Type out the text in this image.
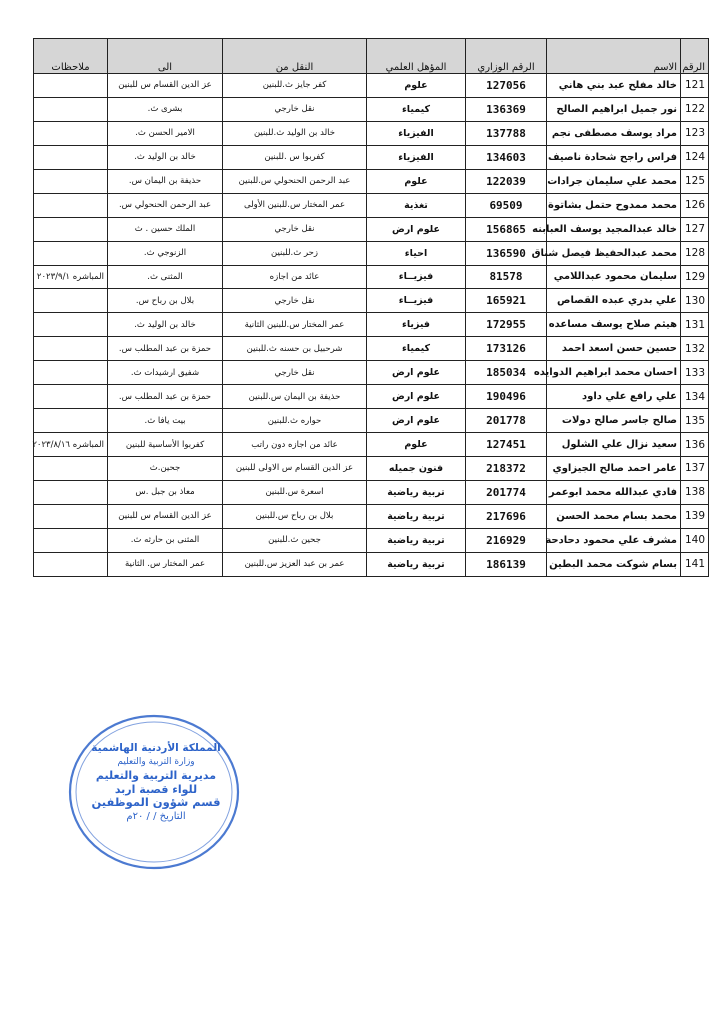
الرقم	الاسم	الرقم الوزاري	المؤهل العلمي	النقل من	الى	ملاحظات
121	خالد مفلح عبد بني هاني	127056	علوم	كفر جايز ث.للبنين	عز الدين القسام س للبنين	
122	نور جميل ابراهيم الصالح	136369	كيمياء	نقل خارجي	بشرى ث.	
123	مراد يوسف مصطفى نجم	137788	الفيزياء	خالد بن الوليد ث.للبنين	الامير الحسن ث.	
124	فراس راجح شحادة ناصيف	134603	الفيزياء	كفربوا س .للبنين	خالد بن الوليد ث.	
125	محمد علي سليمان جرادات	122039	علوم	عبد الرحمن الحنحولي س.للبنين	حذيفة بن اليمان س.	
126	محمد ممدوح حتمل بشاتوة	69509	تغذية	عمر المختار س.للبنين الأولى	عبد الرحمن الحنحولي س.	
127	خالد عبدالمجيد يوسف العبابنه	156865	علوم ارض	نقل خارجي	الملك حسين . ث	
128	محمد عبدالحفيظ فيصل شناق	136590	احياء	زحر ث.للبنين	الزنوجي ث.	
129	سليمان محمود عبداللامي	81578	فيزيــاء	عائد من اجازه	المثنى ث.	المباشره ٢٠٢٣/٩/١
130	علي بدري عبده القصاص	165921	فيزيــاء	نقل خارجي	بلال بن رباح س.	
131	هيثم صلاح يوسف مساعده	172955	فيزياء	عمر المختار س.للبنين الثانية	خالد بن الوليد ث.	
132	حسين حسن اسعد احمد	173126	كيمياء	شرحبيل بن حسنه ث.للبنين	حمزة بن عبد المطلب س.	
133	احسان محمد ابراهيم الدوايده	185034	علوم ارض	نقل خارجي	شفيق ارشيدات ث.	
134	علي رافع علي داود	190496	علوم ارض	حذيفة بن اليمان س.للبنين	حمزة بن عبد المطلب س.	
135	صالح جاسر صالح دولات	201778	علوم ارض	حواره ث.للبنين	بيت يافا ث.	
136	سعيد نزال علي الشلول	127451	علوم	عائد من اجازه دون راتب	كفربوا الأساسية للبنين	المباشره ٢٠٢٣/٨/١٦
137	عامر احمد صالح الجيزاوي	218372	فنون جميله	عز الدين القسام س الاولى للبنين	جحين.ث	
138	فادي عبدالله محمد ابوعمر	201774	تربية رياضية	اسعرة س.للبنين	معاذ بن جبل .س	
139	محمد بسام محمد الحسن	217696	تربية رياضية	بلال بن رباح س.للبنين	عز الدين القسام س للبنين	
140	مشرف علي محمود دحادحة	216929	تربية رياضية	جحين ث.للبنين	المثنى بن حارثه ث.	
141	بسام شوكت محمد البطين	186139	تربية رياضية	عمر بن عبد العزيز س.للبنين	عمر المختار س. الثانية	
المملكة الأردنية الهاشمية
وزارة التربية والتعليم
مديرية التربية والتعليم
للواء قصبة اربد
قسم شؤون الموظفين
التاريخ / / ٢٠م
